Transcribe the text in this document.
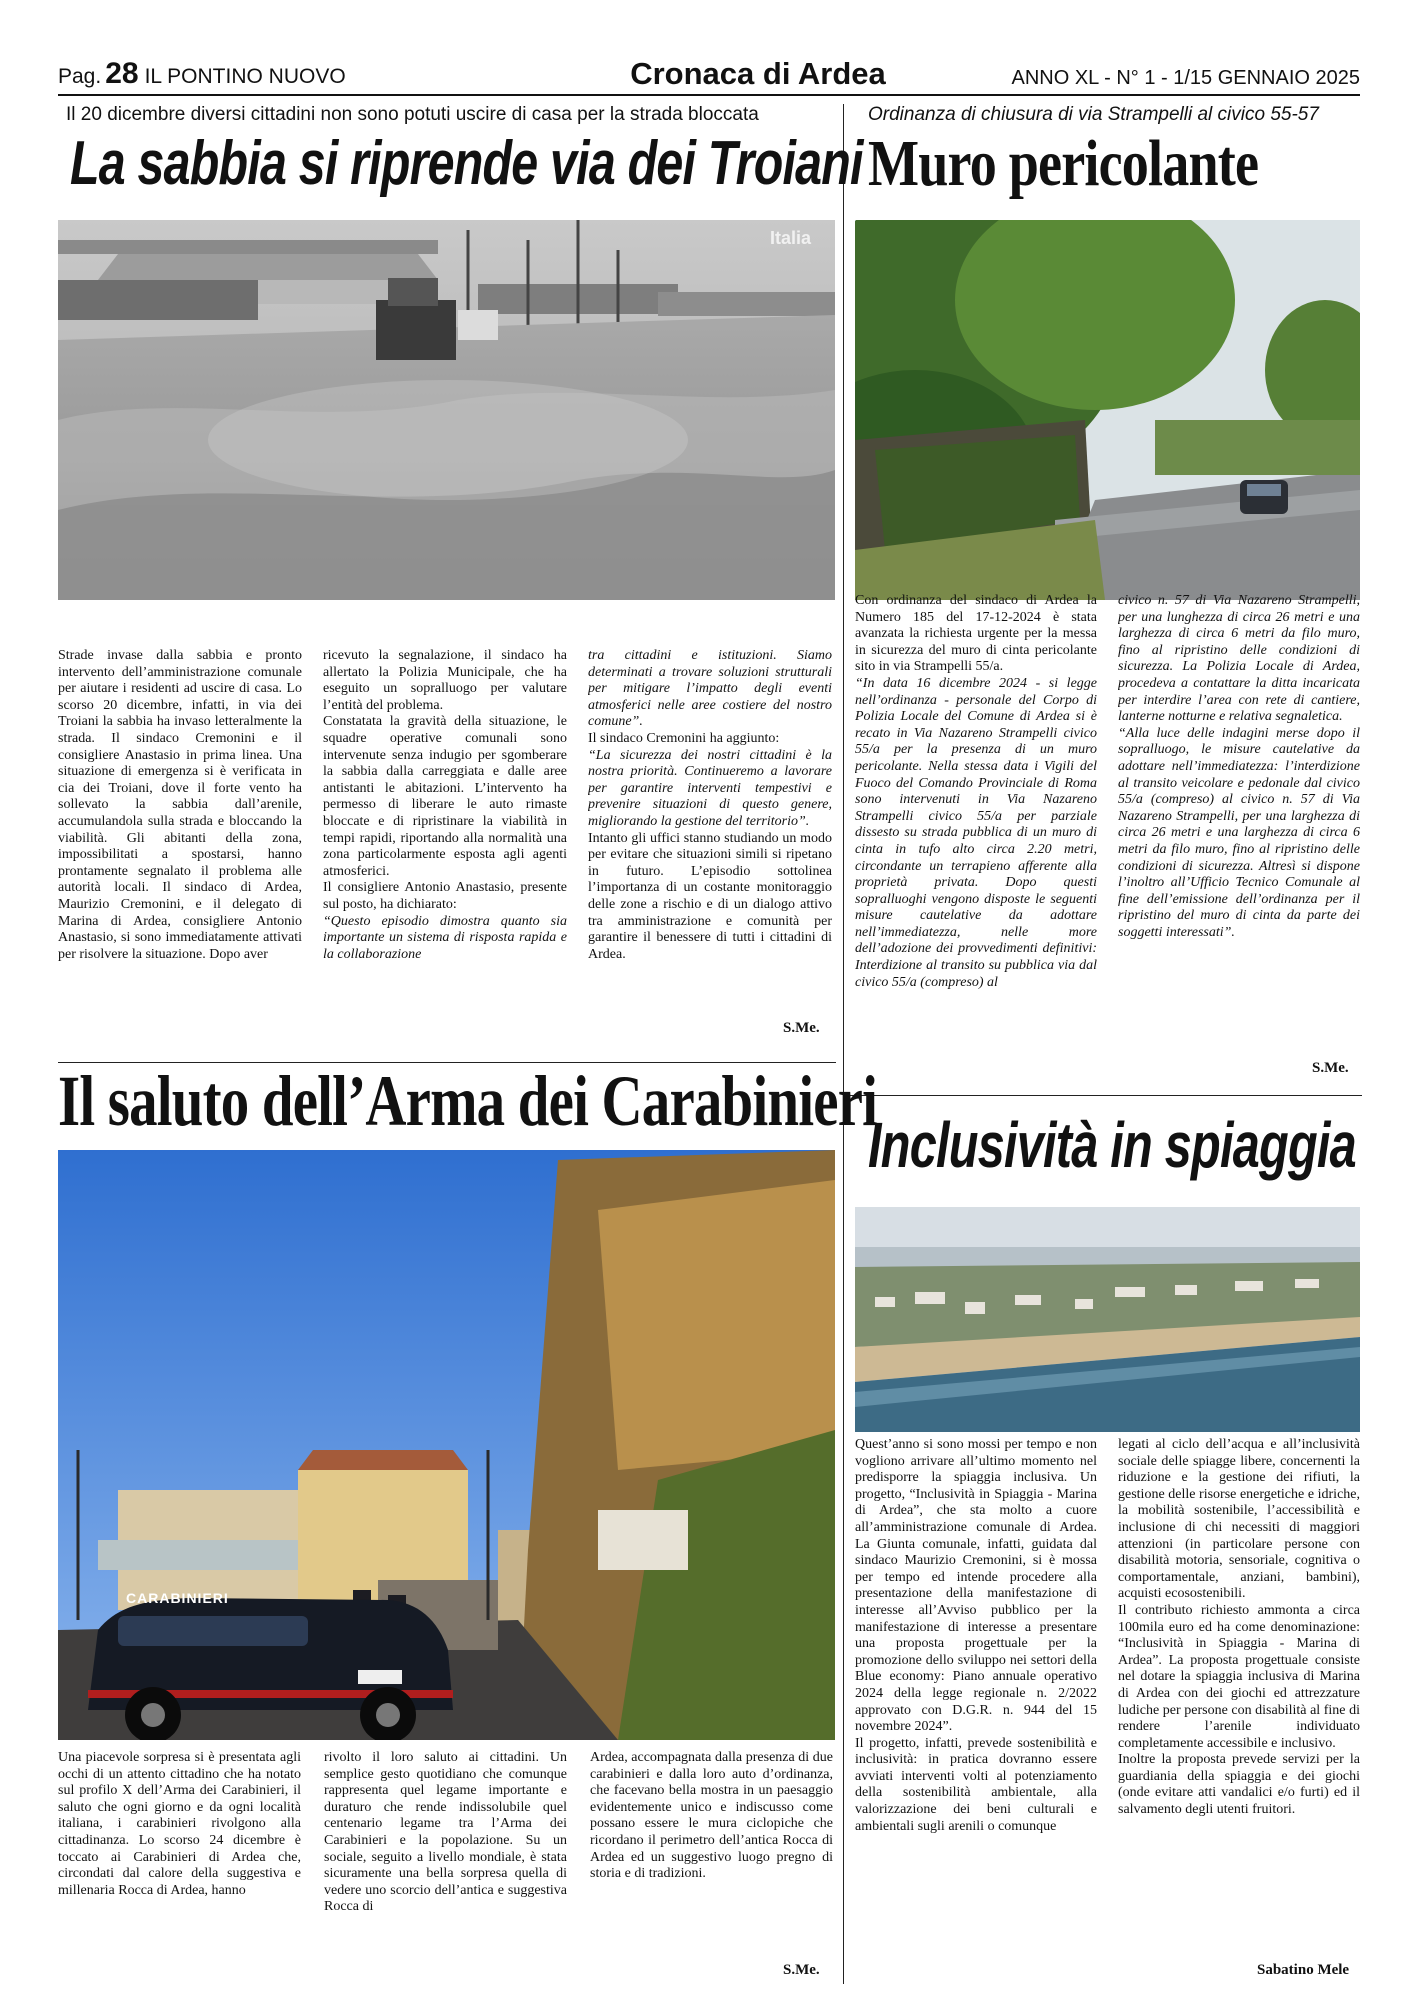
Pag. 28 IL PONTINO NUOVO	Cronaca di Ardea	ANNO XL - N° 1 - 1/15 GENNAIO 2025
Il 20 dicembre diversi cittadini non sono potuti uscire di casa per la strada bloccata
La sabbia si riprende via dei Troiani
Italia

Strade invase dalla sabbia e pronto intervento dell’amministrazione comunale per aiutare i residenti ad uscire di casa. Lo scorso 20 dicembre, infatti, in via dei Troiani la sabbia ha invaso letteralmente la strada. Il sindaco Cremonini e il consigliere Anastasio in prima linea. Una situazione di emergenza si è verificata in cia dei Troiani, dove il forte vento ha sollevato la sabbia dall’arenile, accumulandola sulla strada e bloccando la viabilità. Gli abitanti della zona, impossibilitati a spostarsi, hanno prontamente segnalato il problema alle autorità locali. Il sindaco di Ardea, Maurizio Cremonini, e il delegato di Marina di Ardea, consigliere Antonio Anastasio, si sono immediatamente attivati per risolvere la situazione. Dopo aver

ricevuto la segnalazione, il sindaco ha allertato la Polizia Municipale, che ha eseguito un sopralluogo per valutare l’entità del problema.

Constatata la gravità della situazione, le squadre operative comunali sono intervenute senza indugio per sgomberare la sabbia dalla carreggiata e dalle aree antistanti le abitazioni. L’intervento ha permesso di liberare le auto rimaste bloccate e di ripristinare la viabilità in tempi rapidi, riportando alla normalità una zona particolarmente esposta agli agenti atmosferici.

Il consigliere Antonio Anastasio, presente sul posto, ha dichiarato:

“Questo episodio dimostra quanto sia importante un sistema di risposta rapida e la collaborazione

tra cittadini e istituzioni. Siamo determinati a trovare soluzioni strutturali per mitigare l’impatto degli eventi atmosferici nelle aree costiere del nostro comune”.

Il sindaco Cremonini ha aggiunto:

“La sicurezza dei nostri cittadini è la nostra priorità. Continueremo a lavorare per garantire interventi tempestivi e prevenire situazioni di questo genere, migliorando la gestione del territorio”.

Intanto gli uffici stanno studiando un modo per evitare che situazioni simili si ripetano in futuro. L’episodio sottolinea l’importanza di un costante monitoraggio delle zone a rischio e di un dialogo attivo tra amministrazione e comunità per garantire il benessere di tutti i cittadini di Ardea.

S.Me.
Ordinanza di chiusura di via Strampelli al civico 55-57
Muro pericolante

Con ordinanza del sindaco di Ardea la Numero 185 del 17-12-2024 è stata avanzata la richiesta urgente per la messa in sicurezza del muro di cinta pericolante sito in via Strampelli 55/a.

“In data 16 dicembre 2024 - si legge nell’ordinanza - personale del Corpo di Polizia Locale del Comune di Ardea si è recato in Via Nazareno Strampelli civico 55/a per la presenza di un muro pericolante. Nella stessa data i Vigili del Fuoco del Comando Provinciale di Roma sono intervenuti in Via Nazareno Strampelli civico 55/a per parziale dissesto su strada pubblica di un muro di cinta in tufo alto circa 2.20 metri, circondante un terrapieno afferente alla proprietà privata. Dopo questi sopralluoghi vengono disposte le seguenti misure cautelative da adottare nell’immediatezza, nelle more dell’adozione dei provvedimenti definitivi: Interdizione al transito su pubblica via dal civico 55/a (compreso) al

civico n. 57 di Via Nazareno Strampelli, per una lunghezza di circa 26 metri e una larghezza di circa 6 metri da filo muro, fino al ripristino delle condizioni di sicurezza. La Polizia Locale di Ardea, procedeva a contattare la ditta incaricata per interdire l’area con rete di cantiere, lanterne notturne e relativa segnaletica.

“Alla luce delle indagini merse dopo il sopralluogo, le misure cautelative da adottare nell’immediatezza: l’interdizione al transito veicolare e pedonale dal civico 55/a (compreso) al civico n. 57 di Via Nazareno Strampelli, per una larghezza di circa 26 metri e una larghezza di circa 6 metri da filo muro, fino al ripristino delle condizioni di sicurezza. Altresì si dispone l’inoltro all’Ufficio Tecnico Comunale al fine dell’emissione dell’ordinanza per il ripristino del muro di cinta da parte dei soggetti interessati”.

S.Me.
Il saluto dell’Arma dei Carabinieri
CARABINIERI

Una piacevole sorpresa si è presentata agli occhi di un attento cittadino che ha notato sul profilo X dell’Arma dei Carabinieri, il saluto che ogni giorno e da ogni località italiana, i carabinieri rivolgono alla cittadinanza. Lo scorso 24 dicembre è toccato ai Carabinieri di Ardea che, circondati dal calore della suggestiva e millenaria Rocca di Ardea, hanno

rivolto il loro saluto ai cittadini. Un semplice gesto quotidiano che comunque rappresenta quel legame importante e duraturo che rende indissolubile quel centenario legame tra l’Arma dei Carabinieri e la popolazione. Su un sociale, seguito a livello mondiale, è stata sicuramente una bella sorpresa quella di vedere uno scorcio dell’antica e suggestiva Rocca di

Ardea, accompagnata dalla presenza di due carabinieri e dalla loro auto d’ordinanza, che facevano bella mostra in un paesaggio evidentemente unico e indiscusso come possano essere le mura ciclopiche che ricordano il perimetro dell’antica Rocca di Ardea ed un suggestivo luogo pregno di storia e di tradizioni.

S.Me.
Inclusività in spiaggia

Quest’anno si sono mossi per tempo e non vogliono arrivare all’ultimo momento nel predisporre la spiaggia inclusiva. Un progetto, “Inclusività in Spiaggia - Marina di Ardea”, che sta molto a cuore all’amministrazione comunale di Ardea. La Giunta comunale, infatti, guidata dal sindaco Maurizio Cremonini, si è mossa per tempo ed intende procedere alla presentazione della manifestazione di interesse all’Avviso pubblico per la manifestazione di interesse a presentare una proposta progettuale per la promozione dello sviluppo nei settori della Blue economy: Piano annuale operativo 2024 della legge regionale n. 2/2022 approvato con D.G.R. n. 944 del 15 novembre 2024”.

Il progetto, infatti, prevede sostenibilità e inclusività: in pratica dovranno essere avviati interventi volti al potenziamento della sostenibilità ambientale, alla valorizzazione dei beni culturali e ambientali sugli arenili o comunque

legati al ciclo dell’acqua e all’inclusività sociale delle spiagge libere, concernenti la riduzione e la gestione dei rifiuti, la gestione delle risorse energetiche e idriche, la mobilità sostenibile, l’accessibilità e inclusione di chi necessiti di maggiori attenzioni (in particolare persone con disabilità motoria, sensoriale, cognitiva o comportamentale, anziani, bambini), acquisti ecosostenibili.

Il contributo richiesto ammonta a circa 100mila euro ed ha come denominazione: “Inclusività in Spiaggia - Marina di Ardea”. La proposta progettuale consiste nel dotare la spiaggia inclusiva di Marina di Ardea con dei giochi ed attrezzature ludiche per persone con disabilità al fine di rendere l’arenile individuato completamente accessibile e inclusivo.

Inoltre la proposta prevede servizi per la guardiania della spiaggia e dei giochi (onde evitare atti vandalici e/o furti) ed il salvamento degli utenti fruitori.

Sabatino Mele
